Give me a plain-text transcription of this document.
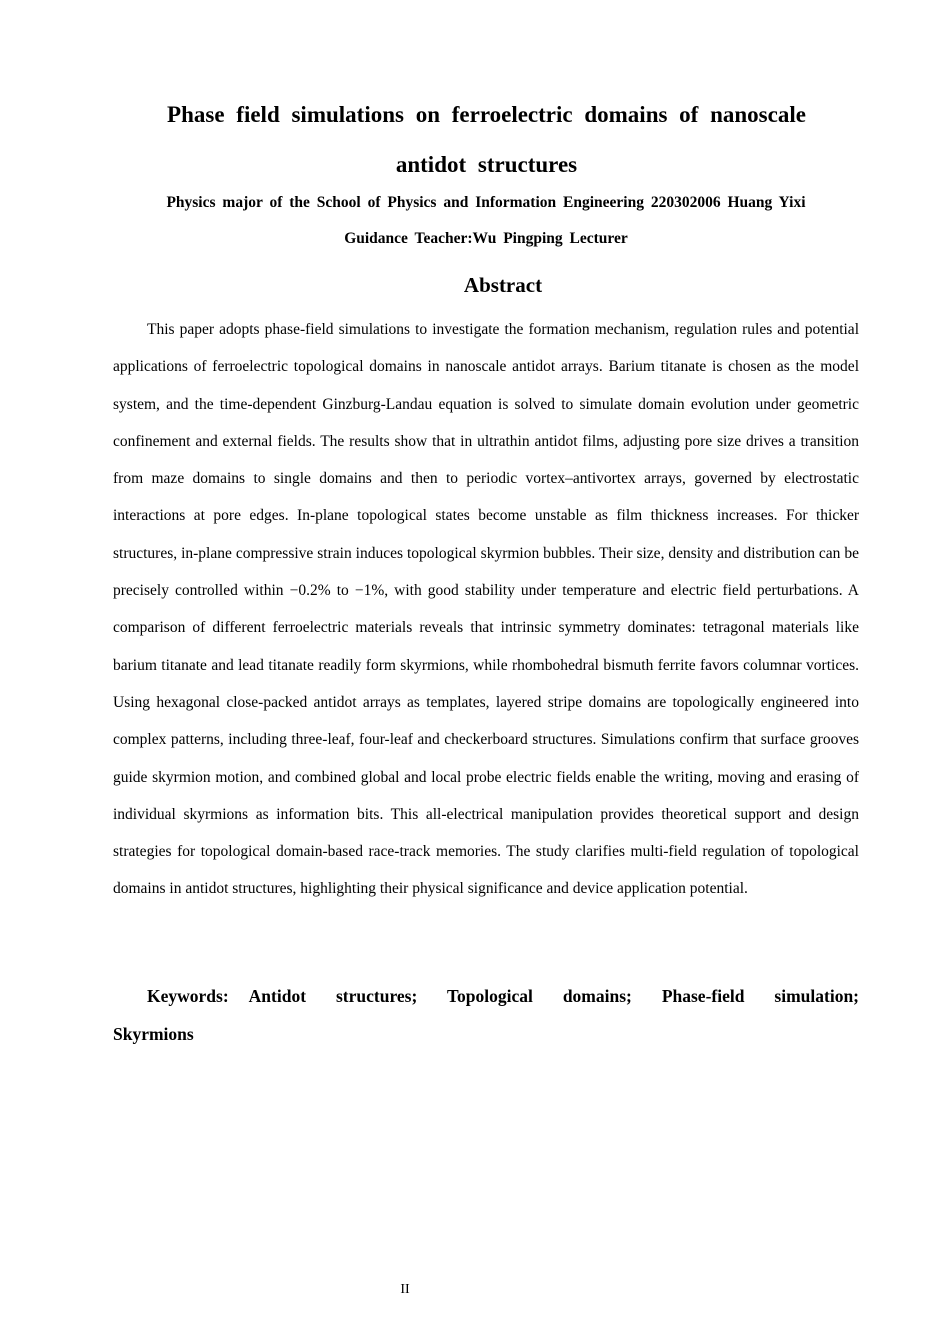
Phase field simulations on ferroelectric domains of nanoscale
antidot structures
Physics major of the School of Physics and Information Engineering 220302006 Huang Yixi
Guidance Teacher:Wu Pingping Lecturer
Abstract

This paper adopts phase-field simulations to investigate the formation mechanism, regulation rules and potential applications of ferroelectric topological domains in nanoscale antidot arrays. Barium titanate is chosen as the model system, and the time-dependent Ginzburg-Landau equation is solved to simulate domain evolution under geometric confinement and external fields. The results show that in ultrathin antidot films, adjusting pore size drives a transition from maze domains to single domains and then to periodic vortex–antivortex arrays, governed by electrostatic interactions at pore edges. In-plane topological states become unstable as film thickness increases. For thicker structures, in-plane compressive strain induces topological skyrmion bubbles. Their size, density and distribution can be precisely controlled within −0.2% to −1%, with good stability under temperature and electric field perturbations. A comparison of different ferroelectric materials reveals that intrinsic symmetry dominates: tetragonal materials like barium titanate and lead titanate readily form skyrmions, while rhombohedral bismuth ferrite favors columnar vortices. Using hexagonal close-packed antidot arrays as templates, layered stripe domains are topologically engineered into complex patterns, including three-leaf, four-leaf and checkerboard structures. Simulations confirm that surface grooves guide skyrmion motion, and combined global and local probe electric fields enable the writing, moving and erasing of individual skyrmions as information bits. This all-electrical manipulation provides theoretical support and design strategies for topological domain-based race-track memories. The study clarifies multi-field regulation of topological domains in antidot structures, highlighting their physical significance and device application potential.

Keywords: Antidot structures; Topological domains; Phase-field simulation; Skyrmions

II
